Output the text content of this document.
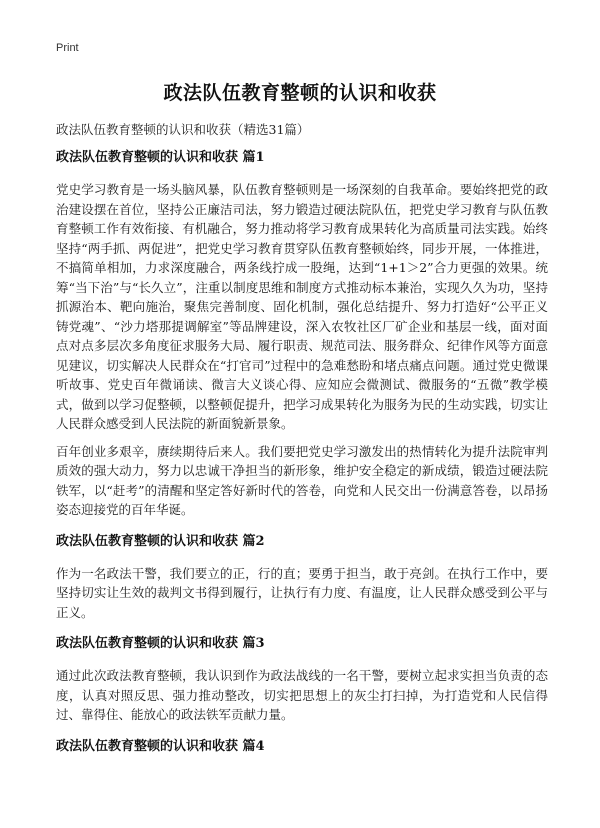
Print
政法队伍教育整顿的认识和收获
政法队伍教育整顿的认识和收获（精选31篇）
政法队伍教育整顿的认识和收获 篇1

党史学习教育是一场头脑风暴，队伍教育整顿则是一场深刻的自我革命。要始终把党的政治建设摆在首位，坚持公正廉洁司法，努力锻造过硬法院队伍，把党史学习教育与队伍教育整顿工作有效衔接、有机融合，努力推动将学习教育成果转化为高质量司法实践。始终坚持“两手抓、两促进”，把党史学习教育贯穿队伍教育整顿始终，同步开展，一体推进，不搞简单相加，力求深度融合，两条线拧成一股绳，达到“1+1＞2”合力更强的效果。统筹“当下治”与“长久立”，注重以制度思维和制度方式推动标本兼治，实现久久为功，坚持抓源治本、靶向施治，聚焦完善制度、固化机制，强化总结提升、努力打造好“公平正义铸党魂”、“沙力塔那提调解室”等品牌建设，深入农牧社区厂矿企业和基层一线，面对面点对点多层次多角度征求服务大局、履行职责、规范司法、服务群众、纪律作风等方面意见建议，切实解决人民群众在“打官司”过程中的急难愁盼和堵点痛点问题。通过党史微课听故事、党史百年微诵读、微言大义谈心得、应知应会微测试、微服务的“五微”教学模式，做到以学习促整顿，以整顿促提升，把学习成果转化为服务为民的生动实践，切实让人民群众感受到人民法院的新面貌新景象。

百年创业多艰辛，赓续期待后来人。我们要把党史学习激发出的热情转化为提升法院审判质效的强大动力，努力以忠诚干净担当的新形象，维护安全稳定的新成绩，锻造过硬法院铁军，以“赶考”的清醒和坚定答好新时代的答卷，向党和人民交出一份满意答卷，以昂扬姿态迎接党的百年华诞。

政法队伍教育整顿的认识和收获 篇2

作为一名政法干警，我们要立的正，行的直；要勇于担当，敢于亮剑。在执行工作中，要坚持切实让生效的裁判文书得到履行，让执行有力度、有温度，让人民群众感受到公平与正义。

政法队伍教育整顿的认识和收获 篇3

通过此次政法教育整顿，我认识到作为政法战线的一名干警，要树立起求实担当负责的态度，认真对照反思、强力推动整改，切实把思想上的灰尘打扫掉，为打造党和人民信得过、靠得住、能放心的政法铁军贡献力量。

政法队伍教育整顿的认识和收获 篇4
